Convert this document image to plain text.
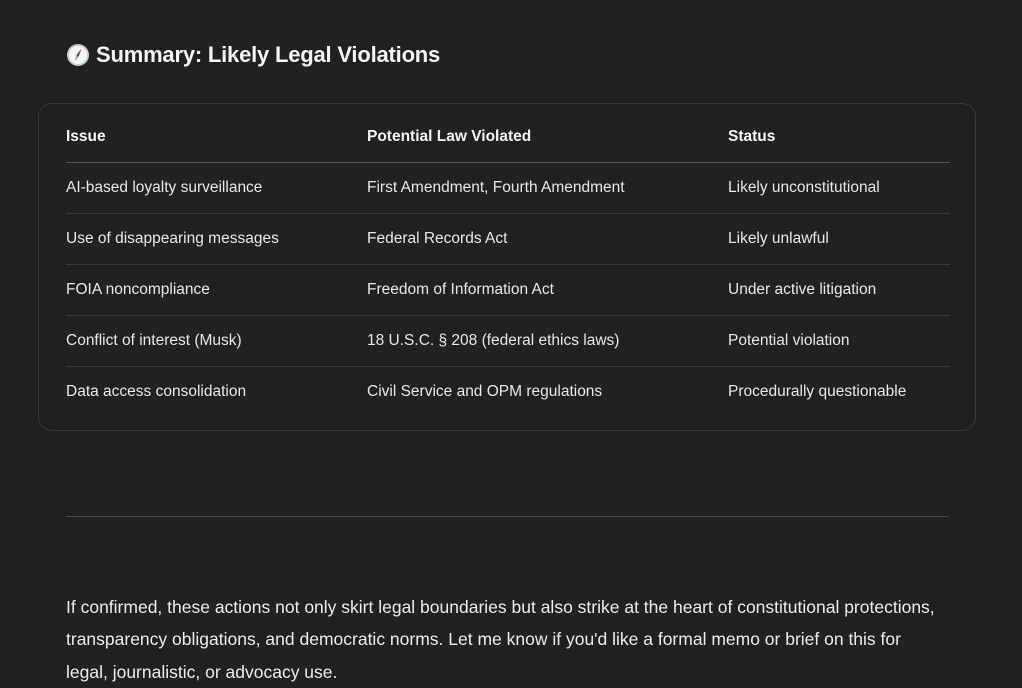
Summary: Likely Legal Violations
Issue	Potential Law Violated	Status
AI-based loyalty surveillance	First Amendment, Fourth Amendment	Likely unconstitutional
Use of disappearing messages	Federal Records Act	Likely unlawful
FOIA noncompliance	Freedom of Information Act	Under active litigation
Conflict of interest (Musk)	18 U.S.C. § 208 (federal ethics laws)	Potential violation
Data access consolidation	Civil Service and OPM regulations	Procedurally questionable

If confirmed, these actions not only skirt legal boundaries but also strike at the heart of constitutional protections, transparency obligations, and democratic norms. Let me know if you'd like a formal memo or brief on this for legal, journalistic, or advocacy use.
